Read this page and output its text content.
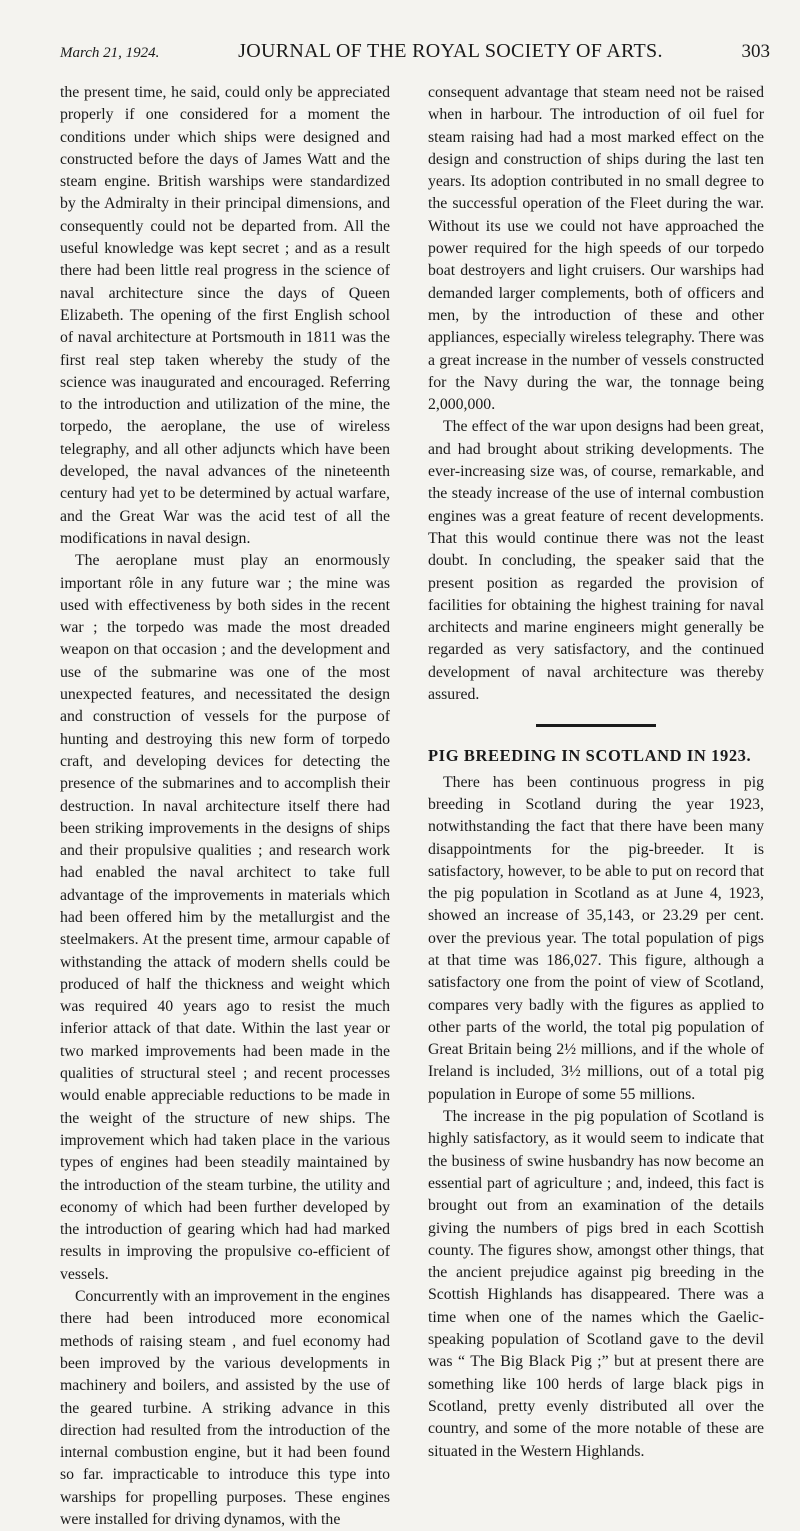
March 21, 1924.	JOURNAL OF THE ROYAL SOCIETY OF ARTS.	303

the present time, he said, could only be appreciated properly if one considered for a moment the conditions under which ships were designed and constructed before the days of James Watt and the steam engine. British warships were standardized by the Admiralty in their principal dimensions, and consequently could not be departed from. All the useful knowledge was kept secret ; and as a result there had been little real progress in the science of naval architecture since the days of Queen Elizabeth. The opening of the first English school of naval architecture at Portsmouth in 1811 was the first real step taken whereby the study of the science was inaugurated and encouraged. Referring to the introduction and utilization of the mine, the torpedo, the aeroplane, the use of wireless telegraphy, and all other adjuncts which have been developed, the naval advances of the nineteenth century had yet to be determined by actual warfare, and the Great War was the acid test of all the modifications in naval design.

The aeroplane must play an enormously important rôle in any future war ; the mine was used with effectiveness by both sides in the recent war ; the torpedo was made the most dreaded weapon on that occasion ; and the development and use of the submarine was one of the most unexpected features, and necessitated the design and construction of vessels for the purpose of hunting and destroying this new form of torpedo craft, and developing devices for detecting the presence of the submarines and to accomplish their destruction. In naval architecture itself there had been striking improvements in the designs of ships and their propulsive qualities ; and research work had enabled the naval architect to take full advantage of the improvements in materials which had been offered him by the metallurgist and the steelmakers. At the present time, armour capable of withstanding the attack of modern shells could be produced of half the thickness and weight which was required 40 years ago to resist the much inferior attack of that date. Within the last year or two marked improvements had been made in the qualities of structural steel ; and recent processes would enable appreciable reductions to be made in the weight of the structure of new ships. The improvement which had taken place in the various types of engines had been steadily maintained by the introduction of the steam turbine, the utility and economy of which had been further developed by the introduction of gearing which had had marked results in improving the propulsive co-efficient of vessels.

Concurrently with an improvement in the engines there had been introduced more economical methods of raising steam , and fuel economy had been improved by the various developments in machinery and boilers, and assisted by the use of the geared turbine. A striking advance in this direction had resulted from the introduction of the internal combustion engine, but it had been found so far. impracticable to introduce this type into warships for propelling purposes. These engines were installed for driving dynamos, with the

consequent advantage that steam need not be raised when in harbour. The introduction of oil fuel for steam raising had had a most marked effect on the design and construction of ships during the last ten years. Its adoption contributed in no small degree to the successful operation of the Fleet during the war. Without its use we could not have approached the power required for the high speeds of our torpedo boat destroyers and light cruisers. Our warships had demanded larger complements, both of officers and men, by the introduction of these and other appliances, especially wireless telegraphy. There was a great increase in the number of vessels constructed for the Navy during the war, the tonnage being 2,000,000.

The effect of the war upon designs had been great, and had brought about striking developments. The ever-increasing size was, of course, remarkable, and the steady increase of the use of internal combustion engines was a great feature of recent developments. That this would continue there was not the least doubt. In concluding, the speaker said that the present position as regarded the provision of facilities for obtaining the highest training for naval architects and marine engineers might generally be regarded as very satisfactory, and the continued development of naval architecture was thereby assured.

PIG BREEDING IN SCOTLAND IN 1923.

There has been continuous progress in pig breeding in Scotland during the year 1923, notwithstanding the fact that there have been many disappointments for the pig-breeder. It is satisfactory, however, to be able to put on record that the pig population in Scotland as at June 4, 1923, showed an increase of 35,143, or 23.29 per cent. over the previous year. The total population of pigs at that time was 186,027. This figure, although a satisfactory one from the point of view of Scotland, compares very badly with the figures as applied to other parts of the world, the total pig population of Great Britain being 2½ millions, and if the whole of Ireland is included, 3½ millions, out of a total pig population in Europe of some 55 millions.

The increase in the pig population of Scotland is highly satisfactory, as it would seem to indicate that the business of swine husbandry has now become an essential part of agriculture ; and, indeed, this fact is brought out from an examination of the details giving the numbers of pigs bred in each Scottish county. The figures show, amongst other things, that the ancient prejudice against pig breeding in the Scottish Highlands has disappeared. There was a time when one of the names which the Gaelic-speaking population of Scotland gave to the devil was “ The Big Black Pig ;” but at present there are something like 100 herds of large black pigs in Scotland, pretty evenly distributed all over the country, and some of the more notable of these are situated in the Western Highlands.
